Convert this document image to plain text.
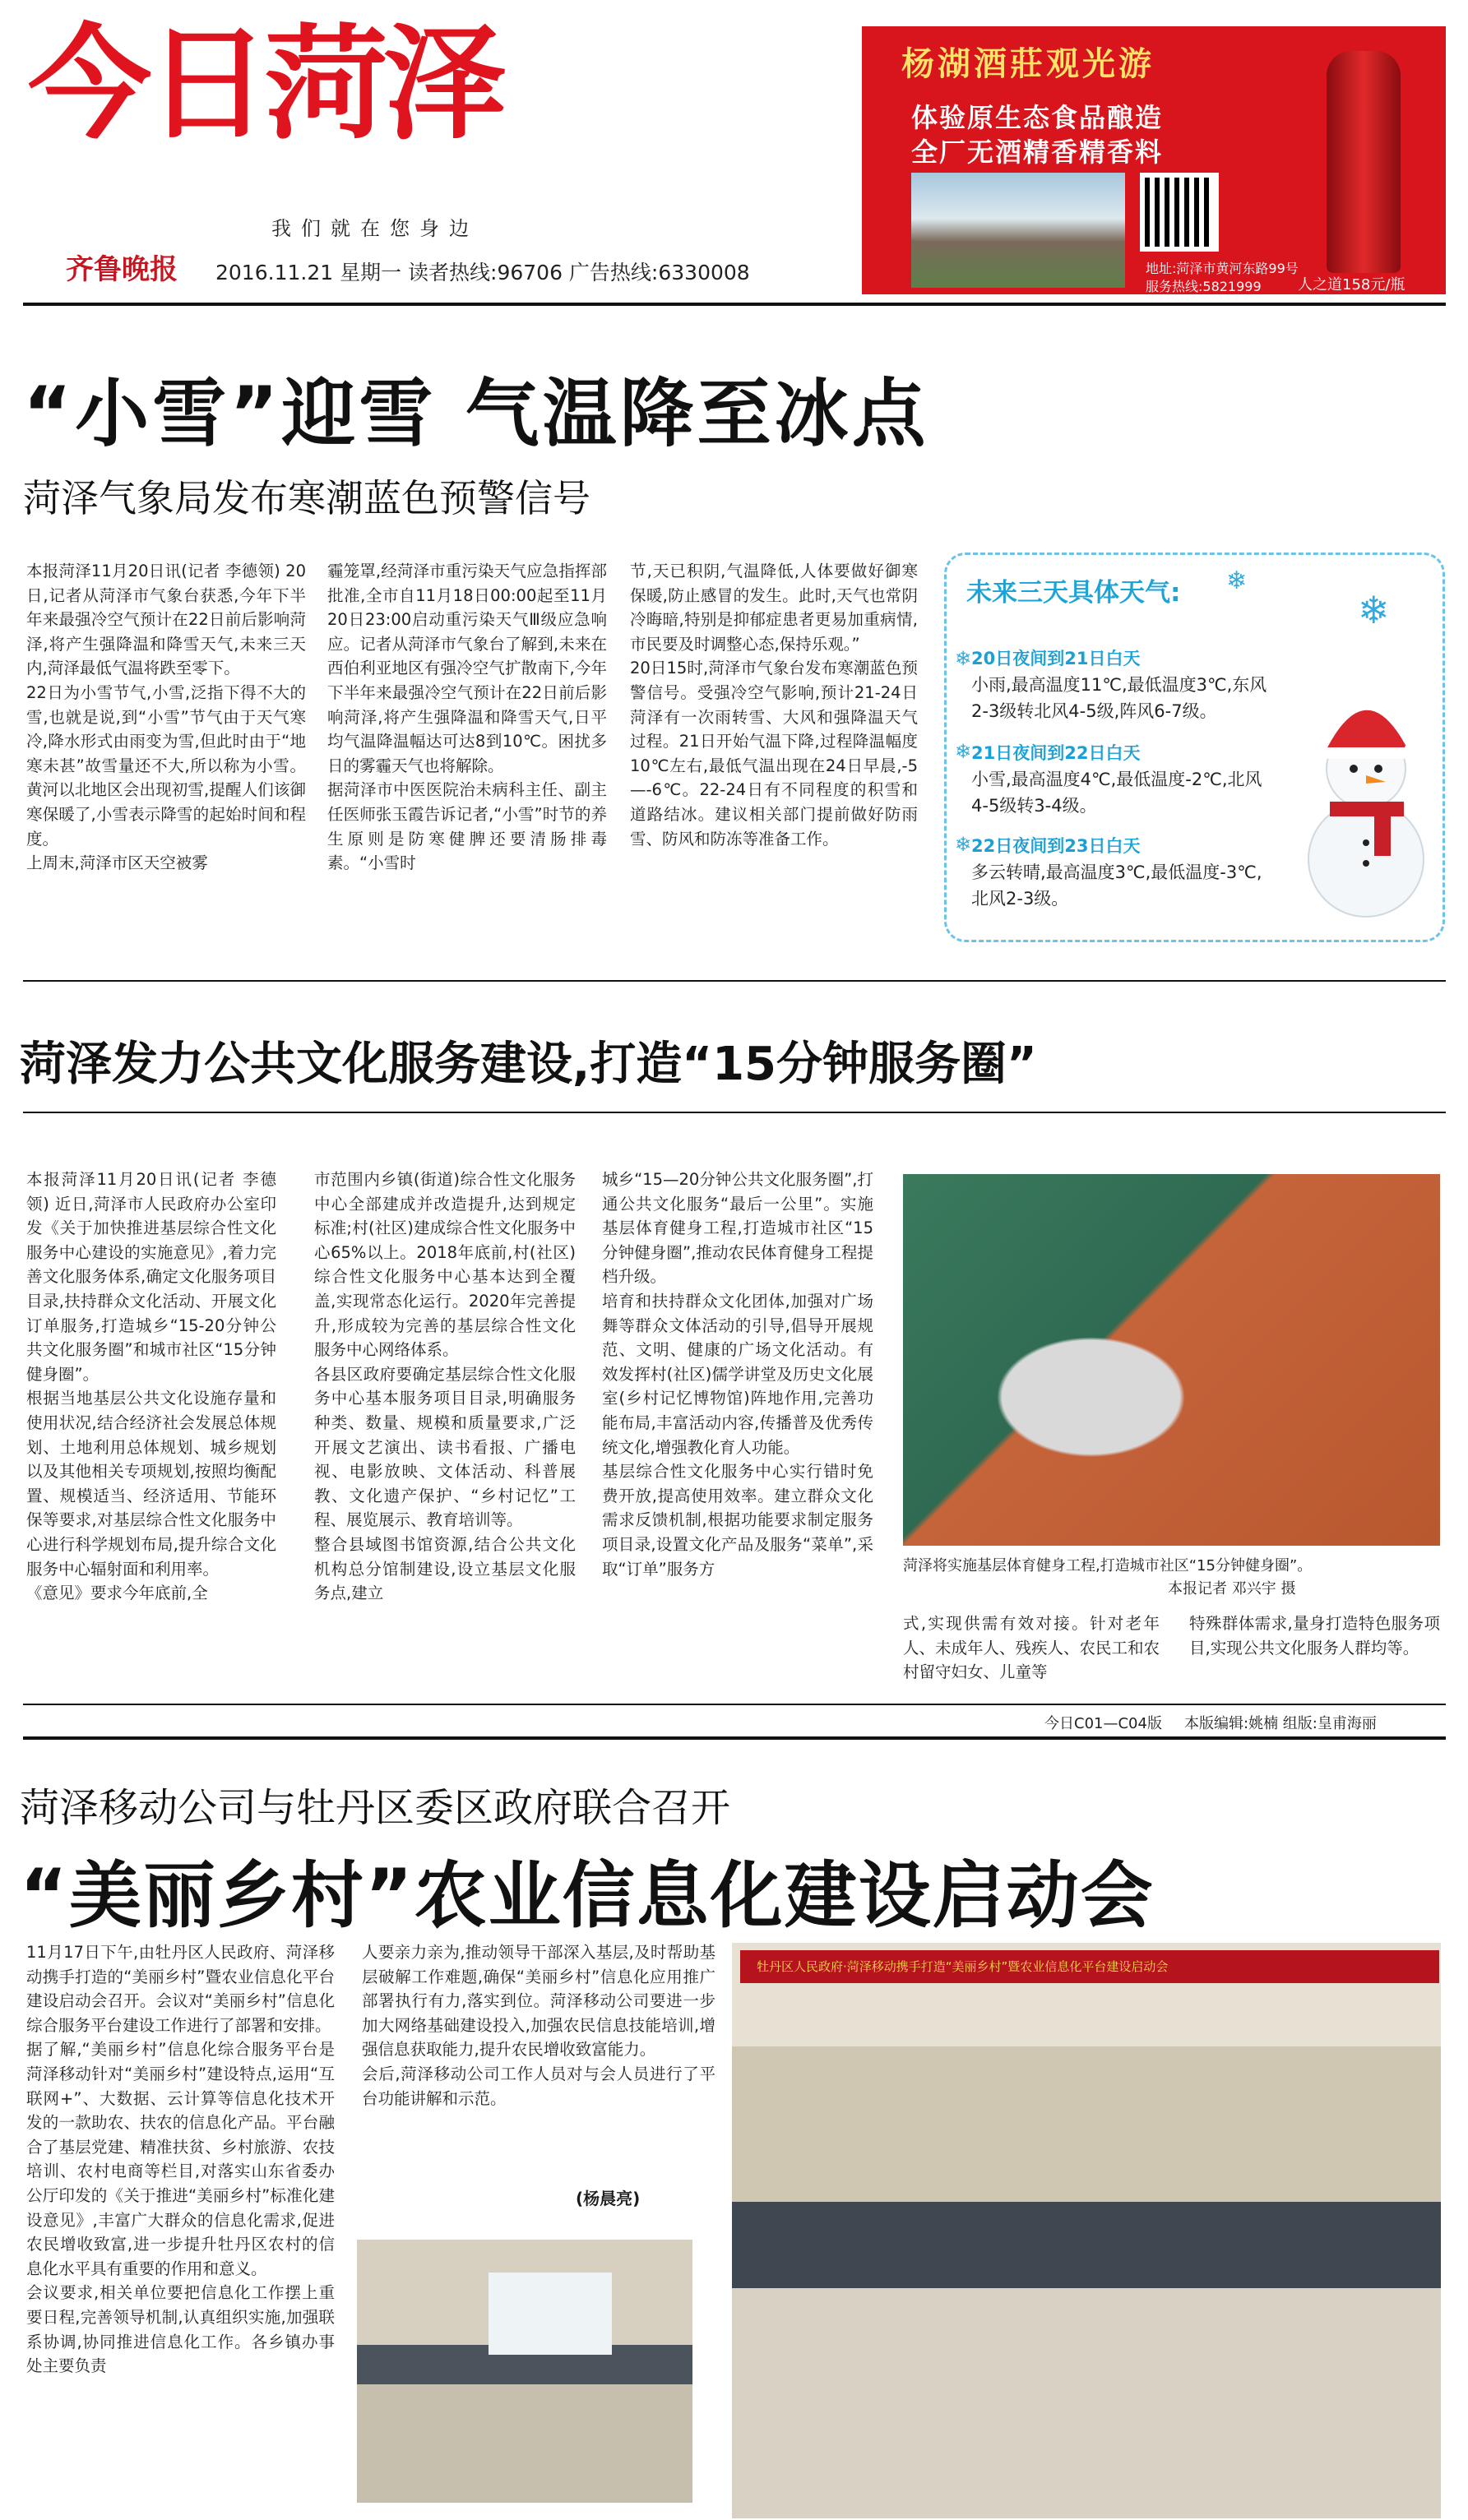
今日菏泽
我们就在您身边
齐鲁晚报 2016.11.21 星期一 读者热线:96706 广告热线:6330008
杨湖酒莊观光游
体验原生态食品酿造
全厂无酒精香精香料
地址:菏泽市黄河东路99号
服务热线:5821999 人之道158元/瓶
“小雪”迎雪 气温降至冰点
菏泽气象局发布寒潮蓝色预警信号
本报菏泽11月20日讯(记者 李德领) 20日,记者从菏泽市气象台获悉,今年下半年来最强冷空气预计在22日前后影响菏泽,将产生强降温和降雪天气,未来三天内,菏泽最低气温将跌至零下。
22日为小雪节气,小雪,泛指下得不大的雪,也就是说,到“小雪”节气由于天气寒冷,降水形式由雨变为雪,但此时由于“地寒未甚”故雪量还不大,所以称为小雪。黄河以北地区会出现初雪,提醒人们该御寒保暖了,小雪表示降雪的起始时间和程度。
上周末,菏泽市区天空被雾
霾笼罩,经菏泽市重污染天气应急指挥部批准,全市自11月18日00:00起至11月20日23:00启动重污染天气Ⅲ级应急响应。记者从菏泽市气象台了解到,未来在西伯利亚地区有强冷空气扩散南下,今年下半年来最强冷空气预计在22日前后影响菏泽,将产生强降温和降雪天气,日平均气温降温幅达可达8到10℃。困扰多日的雾霾天气也将解除。
据菏泽市中医医院治未病科主任、副主任医师张玉霞告诉记者,“小雪”时节的养生原则是防寒健脾还要清肠排毒素。“小雪时
节,天已积阴,气温降低,人体要做好御寒保暖,防止感冒的发生。此时,天气也常阴冷晦暗,特别是抑郁症患者更易加重病情,市民要及时调整心态,保持乐观。”
20日15时,菏泽市气象台发布寒潮蓝色预警信号。受强冷空气影响,预计21-24日菏泽有一次雨转雪、大风和强降温天气过程。21日开始气温下降,过程降温幅度10℃左右,最低气温出现在24日早晨,-5—-6℃。22-24日有不同程度的积雪和道路结冰。建议相关部门提前做好防雨雪、防风和防冻等准备工作。
未来三天具体天气: ❄
❄
❄ 20日夜间到21日白天
小雨,最高温度11℃,最低温度3℃,东风2-3级转北风4-5级,阵风6-7级。
❄ 21日夜间到22日白天
小雪,最高温度4℃,最低温度-2℃,北风4-5级转3-4级。
❄ 22日夜间到23日白天
多云转晴,最高温度3℃,最低温度-3℃,北风2-3级。
菏泽发力公共文化服务建设,打造“15分钟服务圈”
本报菏泽11月20日讯(记者 李德领) 近日,菏泽市人民政府办公室印发《关于加快推进基层综合性文化服务中心建设的实施意见》,着力完善文化服务体系,确定文化服务项目目录,扶持群众文化活动、开展文化订单服务,打造城乡“15-20分钟公共文化服务圈”和城市社区“15分钟健身圈”。
根据当地基层公共文化设施存量和使用状况,结合经济社会发展总体规划、土地利用总体规划、城乡规划以及其他相关专项规划,按照均衡配置、规模适当、经济适用、节能环保等要求,对基层综合性文化服务中心进行科学规划布局,提升综合文化服务中心辐射面和利用率。
《意见》要求今年底前,全
市范围内乡镇(街道)综合性文化服务中心全部建成并改造提升,达到规定标准;村(社区)建成综合性文化服务中心65%以上。2018年底前,村(社区)综合性文化服务中心基本达到全覆盖,实现常态化运行。2020年完善提升,形成较为完善的基层综合性文化服务中心网络体系。
各县区政府要确定基层综合性文化服务中心基本服务项目目录,明确服务种类、数量、规模和质量要求,广泛开展文艺演出、读书看报、广播电视、电影放映、文体活动、科普展教、文化遗产保护、“乡村记忆”工程、展览展示、教育培训等。
整合县域图书馆资源,结合公共文化机构总分馆制建设,设立基层文化服务点,建立
城乡“15—20分钟公共文化服务圈”,打通公共文化服务“最后一公里”。实施基层体育健身工程,打造城市社区“15分钟健身圈”,推动农民体育健身工程提档升级。
培育和扶持群众文化团体,加强对广场舞等群众文体活动的引导,倡导开展规范、文明、健康的广场文化活动。有效发挥村(社区)儒学讲堂及历史文化展室(乡村记忆博物馆)阵地作用,完善功能布局,丰富活动内容,传播普及优秀传统文化,增强教化育人功能。
基层综合性文化服务中心实行错时免费开放,提高使用效率。建立群众文化需求反馈机制,根据功能要求制定服务项目录,设置文化产品及服务“菜单”,采取“订单”服务方	菏泽将实施基层体育健身工程,打造城市社区“15分钟健身圈”。
本报记者 邓兴宇 摄
式,实现供需有效对接。针对老年人、未成年人、残疾人、农民工和农村留守妇女、儿童等
特殊群体需求,量身打造特色服务项目,实现公共文化服务人群均等。
今日C01—C04版 本版编辑:姚楠 组版:皇甫海丽
菏泽移动公司与牡丹区委区政府联合召开
“美丽乡村”农业信息化建设启动会
11月17日下午,由牡丹区人民政府、菏泽移动携手打造的“美丽乡村”暨农业信息化平台建设启动会召开。会议对“美丽乡村”信息化综合服务平台建设工作进行了部署和安排。
据了解,“美丽乡村”信息化综合服务平台是菏泽移动针对“美丽乡村”建设特点,运用“互联网+”、大数据、云计算等信息化技术开发的一款助农、扶农的信息化产品。平台融合了基层党建、精准扶贫、乡村旅游、农技培训、农村电商等栏目,对落实山东省委办公厅印发的《关于推进“美丽乡村”标准化建设意见》,丰富广大群众的信息化需求,促进农民增收致富,进一步提升牡丹区农村的信息化水平具有重要的作用和意义。
会议要求,相关单位要把信息化工作摆上重要日程,完善领导机制,认真组织实施,加强联系协调,协同推进信息化工作。各乡镇办事处主要负责
人要亲力亲为,推动领导干部深入基层,及时帮助基层破解工作难题,确保“美丽乡村”信息化应用推广部署执行有力,落实到位。菏泽移动公司要进一步加大网络基础建设投入,加强农民信息技能培训,增强信息获取能力,提升农民增收致富能力。
会后,菏泽移动公司工作人员对与会人员进行了平台功能讲解和示范。
(杨晨亮)
牡丹区人民政府·菏泽移动携手打造“美丽乡村”暨农业信息化平台建设启动会
